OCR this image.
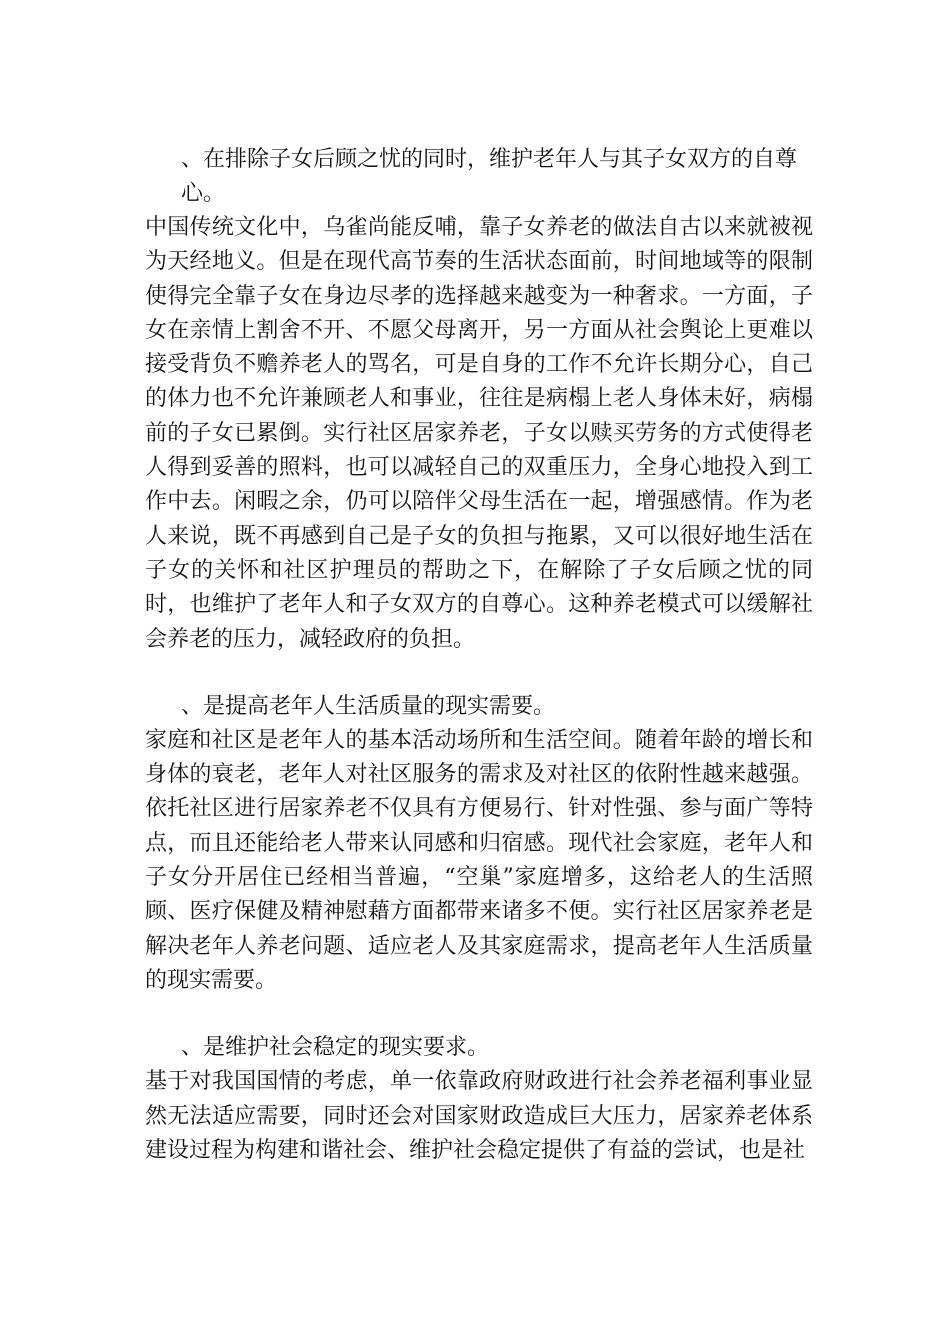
、在排除子女后顾之忧的同时，维护老年人与其子女双方的自尊心。

中国传统文化中，乌雀尚能反哺，靠子女养老的做法自古以来就被视为天经地义。但是在现代高节奏的生活状态面前，时间地域等的限制使得完全靠子女在身边尽孝的选择越来越变为一种奢求。一方面，子女在亲情上割舍不开、不愿父母离开，另一方面从社会舆论上更难以接受背负不赡养老人的骂名，可是自身的工作不允许长期分心，自己的体力也不允许兼顾老人和事业，往往是病榻上老人身体未好，病榻前的子女已累倒。实行社区居家养老，子女以赎买劳务的方式使得老人得到妥善的照料，也可以减轻自己的双重压力，全身心地投入到工作中去。闲暇之余，仍可以陪伴父母生活在一起，增强感情。作为老人来说，既不再感到自己是子女的负担与拖累，又可以很好地生活在子女的关怀和社区护理员的帮助之下，在解除了子女后顾之忧的同时，也维护了老年人和子女双方的自尊心。这种养老模式可以缓解社会养老的压力，减轻政府的负担。

、是提高老年人生活质量的现实需要。

家庭和社区是老年人的基本活动场所和生活空间。随着年龄的增长和身体的衰老，老年人对社区服务的需求及对社区的依附性越来越强。依托社区进行居家养老不仅具有方便易行、针对性强、参与面广等特点，而且还能给老人带来认同感和归宿感。现代社会家庭，老年人和子女分开居住已经相当普遍，“空巢”家庭增多，这给老人的生活照顾、医疗保健及精神慰藉方面都带来诸多不便。实行社区居家养老是解决老年人养老问题、适应老人及其家庭需求，提高老年人生活质量的现实需要。

、是维护社会稳定的现实要求。

基于对我国国情的考虑，单一依靠政府财政进行社会养老福利事业显然无法适应需要，同时还会对国家财政造成巨大压力，居家养老体系建设过程为构建和谐社会、维护社会稳定提供了有益的尝试，也是社
